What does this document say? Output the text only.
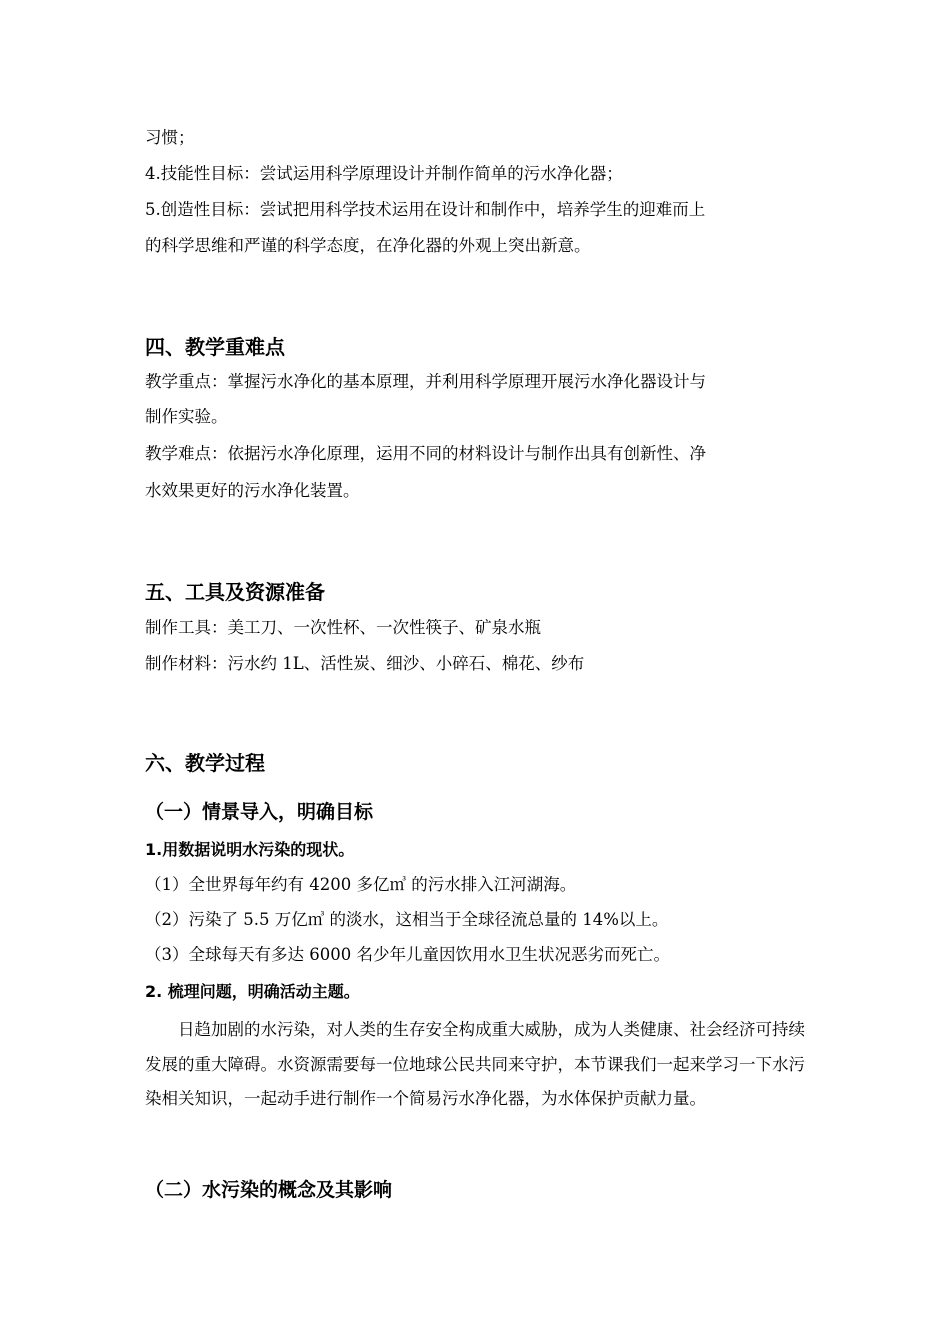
习惯；
4.技能性目标：尝试运用科学原理设计并制作简单的污水净化器；
5.创造性目标：尝试把用科学技术运用在设计和制作中，培养学生的迎难而上
的科学思维和严谨的科学态度，在净化器的外观上突出新意。
四、教学重难点
教学重点：掌握污水净化的基本原理，并利用科学原理开展污水净化器设计与
制作实验。
教学难点：依据污水净化原理，运用不同的材料设计与制作出具有创新性、净
水效果更好的污水净化装置。
五、工具及资源准备
制作工具：美工刀、一次性杯、一次性筷子、矿泉水瓶
制作材料：污水约 1L、活性炭、细沙、小碎石、棉花、纱布
六、教学过程
（一）情景导入，明确目标
1.用数据说明水污染的现状。
（1）全世界每年约有 4200 多亿㎥ 的污水排入江河湖海。
（2）污染了 5.5 万亿㎥ 的淡水，这相当于全球径流总量的 14%以上。
（3）全球每天有多达 6000 名少年儿童因饮用水卫生状况恶劣而死亡。
2. 梳理问题，明确活动主题。
日趋加剧的水污染，对人类的生存安全构成重大威胁，成为人类健康、社会经济可持续发展的重大障碍。水资源需要每一位地球公民共同来守护，本节课我们一起来学习一下水污染相关知识，一起动手进行制作一个简易污水净化器，为水体保护贡献力量。
（二）水污染的概念及其影响
